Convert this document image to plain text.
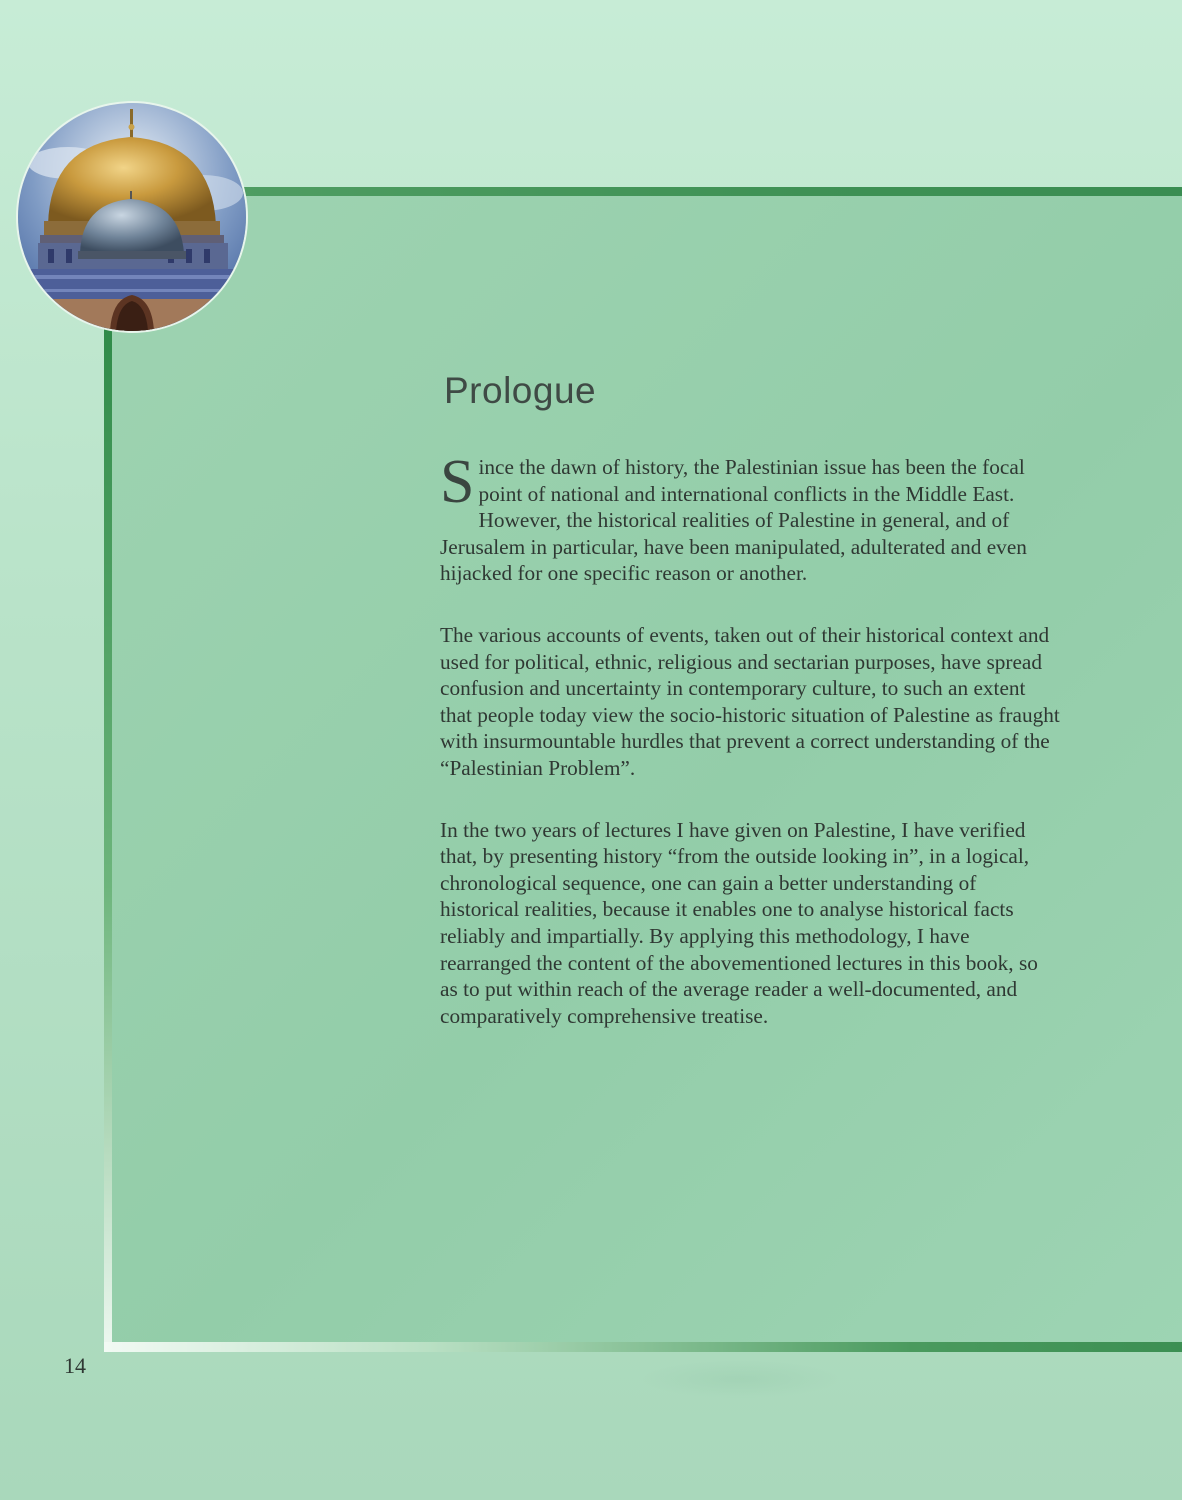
Prologue

Since the dawn of history, the Palestinian issue has been the focal point of national and international conflicts in the Middle East. However, the historical realities of Palestine in general, and of Jerusalem in particular, have been manipulated, adulterated and even hijacked for one specific reason or another.

The various accounts of events, taken out of their historical context and used for political, ethnic, religious and sectarian purposes, have spread confusion and uncertainty in contemporary culture, to such an extent that people today view the socio-historic situation of Palestine as fraught with insurmountable hurdles that prevent a correct understanding of the “Palestinian Problem”.

In the two years of lectures I have given on Palestine, I have verified that, by presenting history “from the outside looking in”, in a logical, chronological sequence, one can gain a better understanding of historical realities, because it enables one to analyse historical facts reliably and impartially. By applying this methodology, I have rearranged the content of the abovementioned lectures in this book, so as to put within reach of the average reader a well-documented, and comparatively comprehensive treatise.

14
